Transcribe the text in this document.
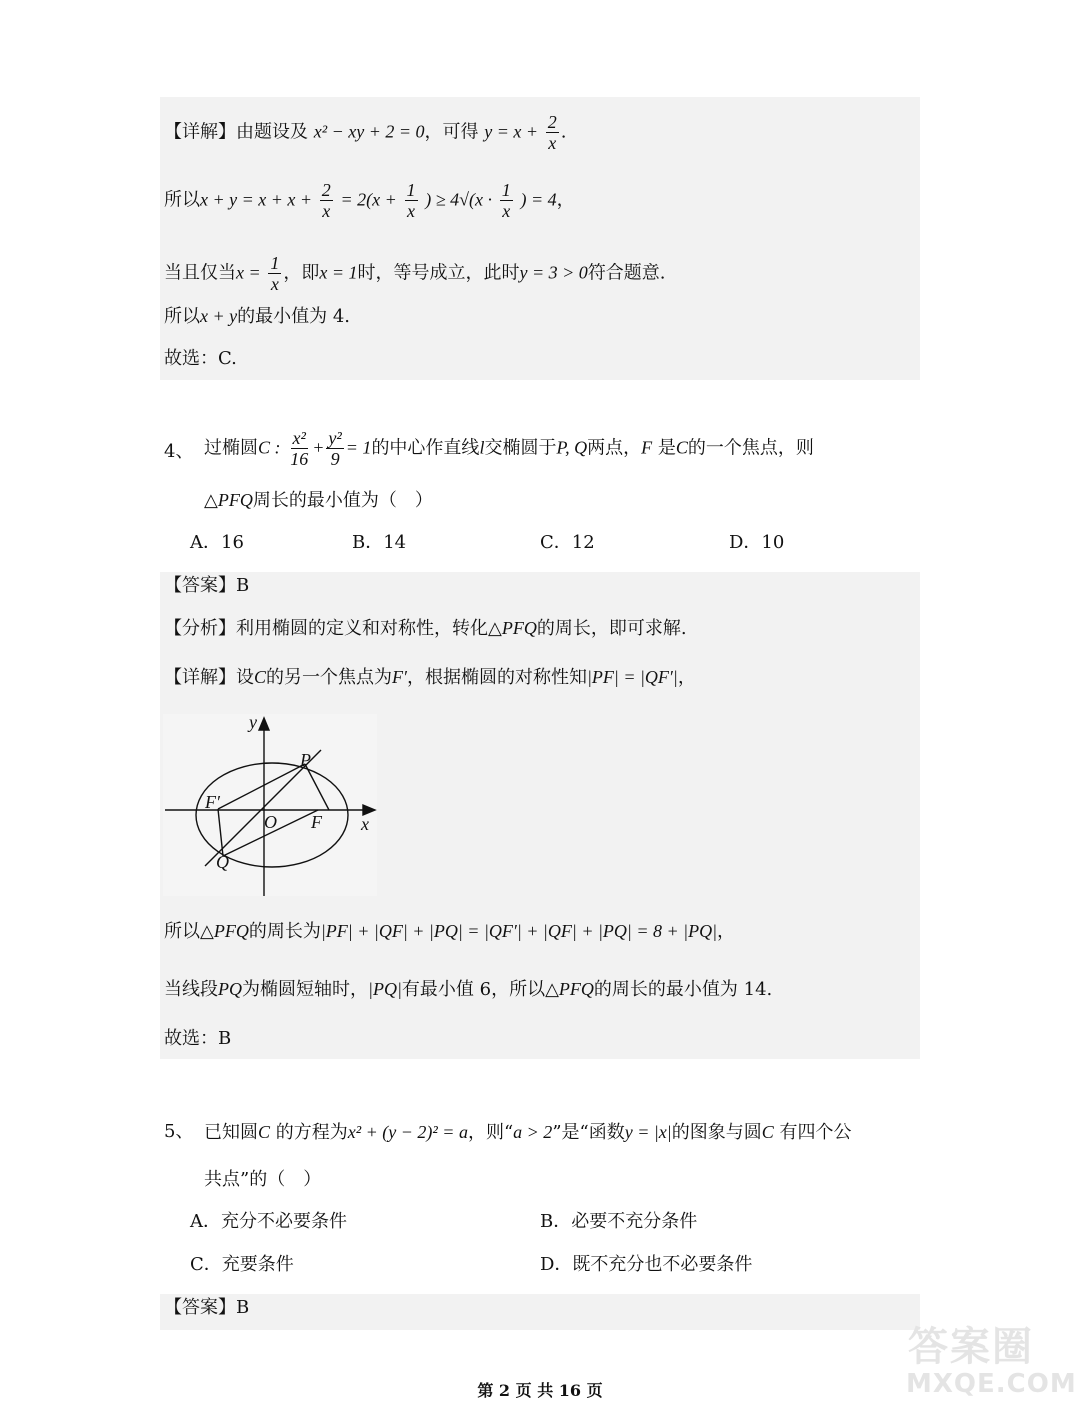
【详解】由题设及 x² − xy + 2 = 0，可得 $y = x + \frac{2}{x}$ .
所以$x + y = x + x + \frac{2}{x} = 2(x + \frac{1}{x}$ ) ≥ $4√(x \cdot \frac{1}{x}$ ) = 4，
当且仅当$x = \frac{1}{x}$ ，即x = 1时，等号成立，此时y = 3 > 0符合题意.
所以x + y的最小值为 4.
故选：C.
4、 过椭圆C : $\frac{\text{x²}}{16} + \frac{\text{y²}}{9} = 1$的中心作直线l交椭圆于P, Q两点，F 是C的一个焦点，则
△PFQ周长的最小值为（　）
A．16	B．14	C．12	D．10
【答案】B
【分析】利用椭圆的定义和对称性，转化△PFQ的周长，即可求解.
【详解】设C的另一个焦点为F′，根据椭圆的对称性知|PF| = |QF′|，
y
x
O
P
Q
F
F′
所以△PFQ的周长为|PF| + |QF| + |PQ| = |QF′| + |QF| + |PQ| = 8 + |PQ|，
当线段PQ为椭圆短轴时，|PQ|有最小值 6，所以△PFQ的周长的最小值为 14.
故选：B
5、 已知圆C 的方程为x² + (y − 2)² = a，则“a > 2”是“函数y = |x|的图象与圆C 有四个公
共点”的（　）
A．充分不必要条件	B．必要不充分条件
C．充要条件	D．既不充分也不必要条件
【答案】B
答案圈
MXQE.COM
第 2 页 共 16 页
